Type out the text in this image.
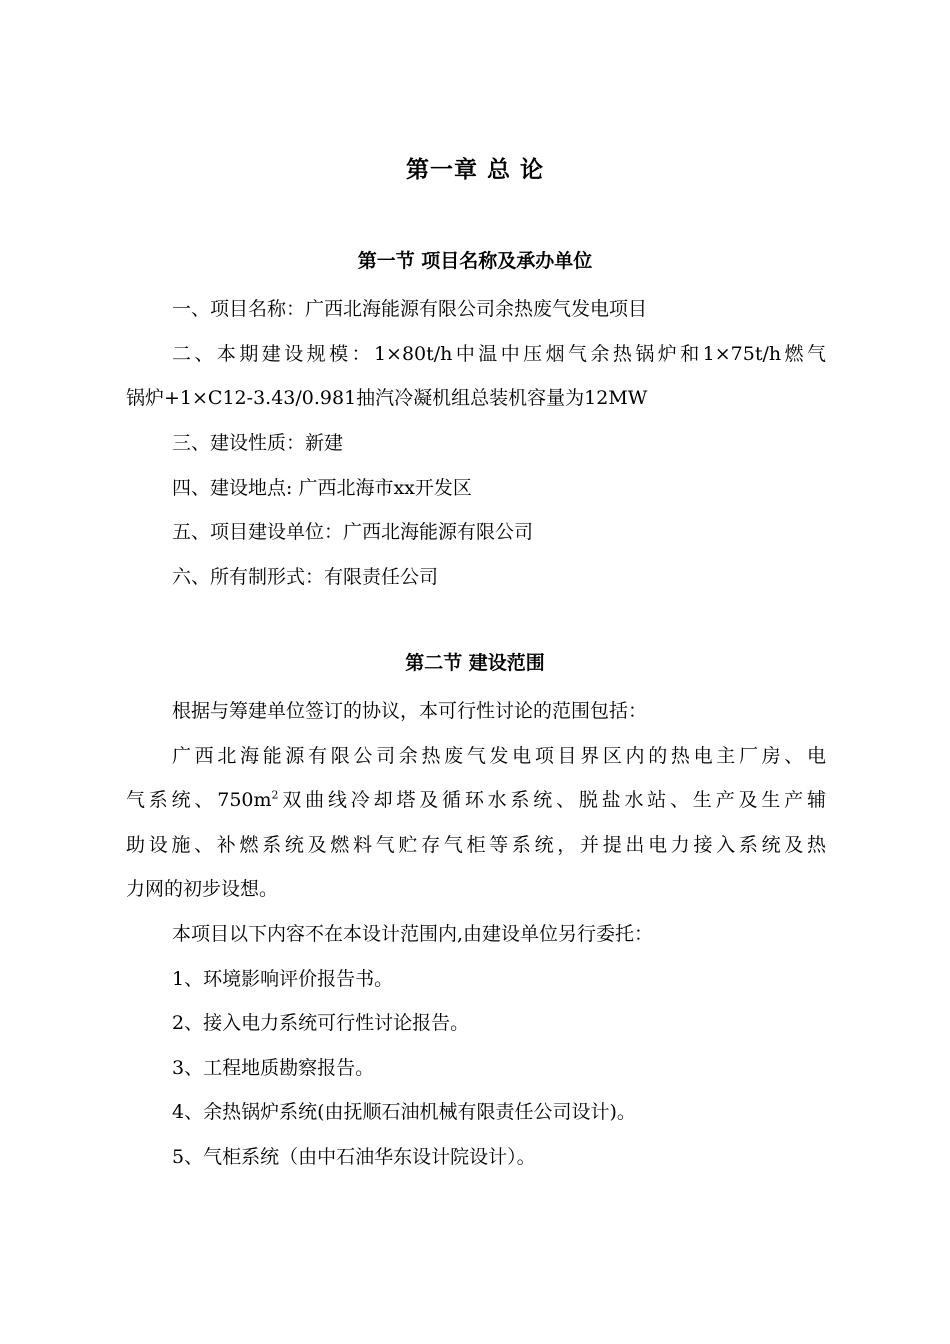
第一章 总 论
第一节 项目名称及承办单位
一、项目名称：广西北海能源有限公司余热废气发电项目
二、本期建设规模：1×80t/h中温中压烟气余热锅炉和1×75t/h燃气
锅炉+1×C12-3.43/0.981抽汽冷凝机组总装机容量为12MW
三、建设性质：新建
四、建设地点: 广西北海市xx开发区
五、项目建设单位：广西北海能源有限公司
六、所有制形式：有限责任公司
第二节 建设范围
根据与筹建单位签订的协议，本可行性讨论的范围包括：
广西北海能源有限公司余热废气发电项目界区内的热电主厂房、电
气系统、$750m^2$双曲线冷却塔及循环水系统、脱盐水站、生产及生产辅
助设施、补燃系统及燃料气贮存气柜等系统，并提出电力接入系统及热
力网的初步设想。
本项目以下内容不在本设计范围内,由建设单位另行委托：
1、环境影响评价报告书。
2、接入电力系统可行性讨论报告。
3、工程地质勘察报告。
4、余热锅炉系统(由抚顺石油机械有限责任公司设计)。
5、气柜系统（由中石油华东设计院设计）。
